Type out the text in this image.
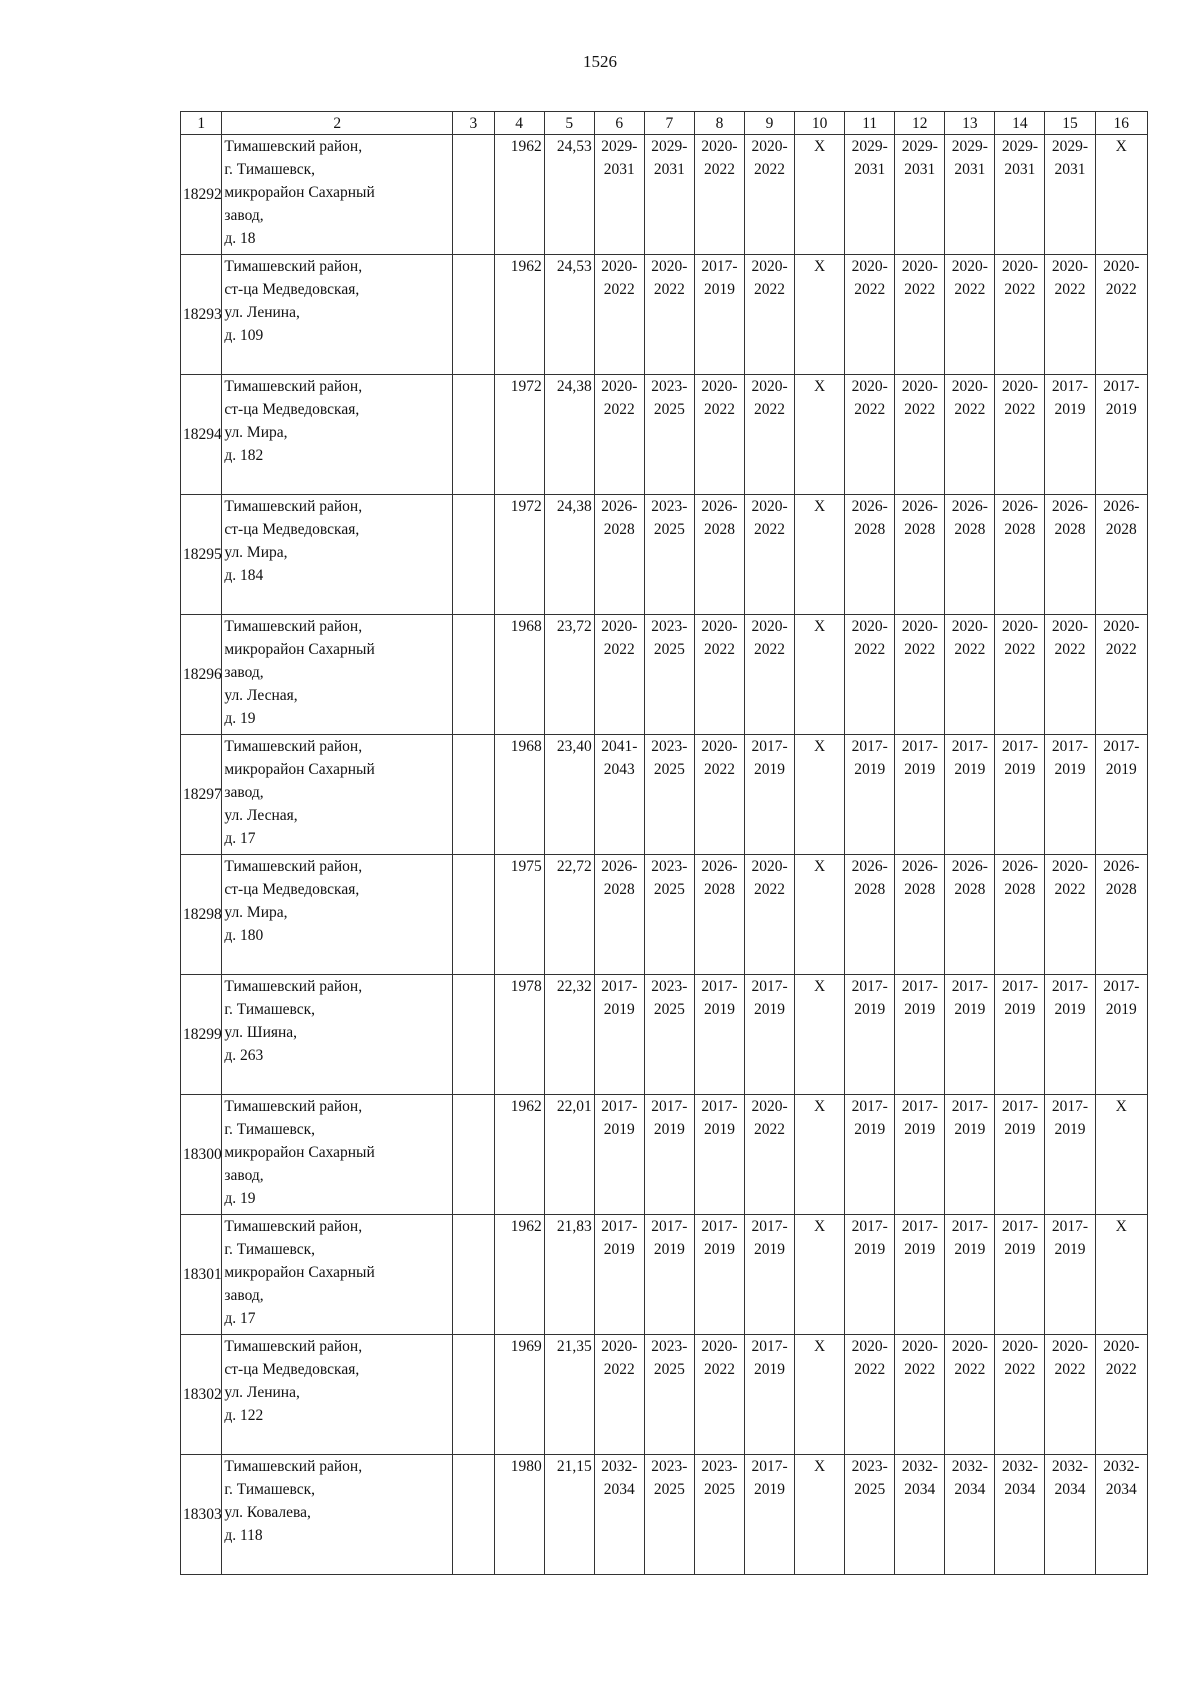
1526
1	2	3	4	5	6	7	8	9	10	11	12	13	14	15	16
18292	Тимашевский район,
г. Тимашевск,
микрорайон Сахарный
завод,
д. 18		1962	24,53	2029-
2031	2029-
2031	2020-
2022	2020-
2022	Х	2029-
2031	2029-
2031	2029-
2031	2029-
2031	2029-
2031	Х
18293	Тимашевский район,
ст-ца Медведовская,
ул. Ленина,
д. 109		1962	24,53	2020-
2022	2020-
2022	2017-
2019	2020-
2022	Х	2020-
2022	2020-
2022	2020-
2022	2020-
2022	2020-
2022	2020-
2022
18294	Тимашевский район,
ст-ца Медведовская,
ул. Мира,
д. 182		1972	24,38	2020-
2022	2023-
2025	2020-
2022	2020-
2022	Х	2020-
2022	2020-
2022	2020-
2022	2020-
2022	2017-
2019	2017-
2019
18295	Тимашевский район,
ст-ца Медведовская,
ул. Мира,
д. 184		1972	24,38	2026-
2028	2023-
2025	2026-
2028	2020-
2022	Х	2026-
2028	2026-
2028	2026-
2028	2026-
2028	2026-
2028	2026-
2028
18296	Тимашевский район,
микрорайон Сахарный
завод,
ул. Лесная,
д. 19		1968	23,72	2020-
2022	2023-
2025	2020-
2022	2020-
2022	Х	2020-
2022	2020-
2022	2020-
2022	2020-
2022	2020-
2022	2020-
2022
18297	Тимашевский район,
микрорайон Сахарный
завод,
ул. Лесная,
д. 17		1968	23,40	2041-
2043	2023-
2025	2020-
2022	2017-
2019	Х	2017-
2019	2017-
2019	2017-
2019	2017-
2019	2017-
2019	2017-
2019
18298	Тимашевский район,
ст-ца Медведовская,
ул. Мира,
д. 180		1975	22,72	2026-
2028	2023-
2025	2026-
2028	2020-
2022	Х	2026-
2028	2026-
2028	2026-
2028	2026-
2028	2020-
2022	2026-
2028
18299	Тимашевский район,
г. Тимашевск,
ул. Шияна,
д. 263		1978	22,32	2017-
2019	2023-
2025	2017-
2019	2017-
2019	Х	2017-
2019	2017-
2019	2017-
2019	2017-
2019	2017-
2019	2017-
2019
18300	Тимашевский район,
г. Тимашевск,
микрорайон Сахарный
завод,
д. 19		1962	22,01	2017-
2019	2017-
2019	2017-
2019	2020-
2022	Х	2017-
2019	2017-
2019	2017-
2019	2017-
2019	2017-
2019	Х
18301	Тимашевский район,
г. Тимашевск,
микрорайон Сахарный
завод,
д. 17		1962	21,83	2017-
2019	2017-
2019	2017-
2019	2017-
2019	Х	2017-
2019	2017-
2019	2017-
2019	2017-
2019	2017-
2019	Х
18302	Тимашевский район,
ст-ца Медведовская,
ул. Ленина,
д. 122		1969	21,35	2020-
2022	2023-
2025	2020-
2022	2017-
2019	Х	2020-
2022	2020-
2022	2020-
2022	2020-
2022	2020-
2022	2020-
2022
18303	Тимашевский район,
г. Тимашевск,
ул. Ковалева,
д. 118		1980	21,15	2032-
2034	2023-
2025	2023-
2025	2017-
2019	Х	2023-
2025	2032-
2034	2032-
2034	2032-
2034	2032-
2034	2032-
2034
